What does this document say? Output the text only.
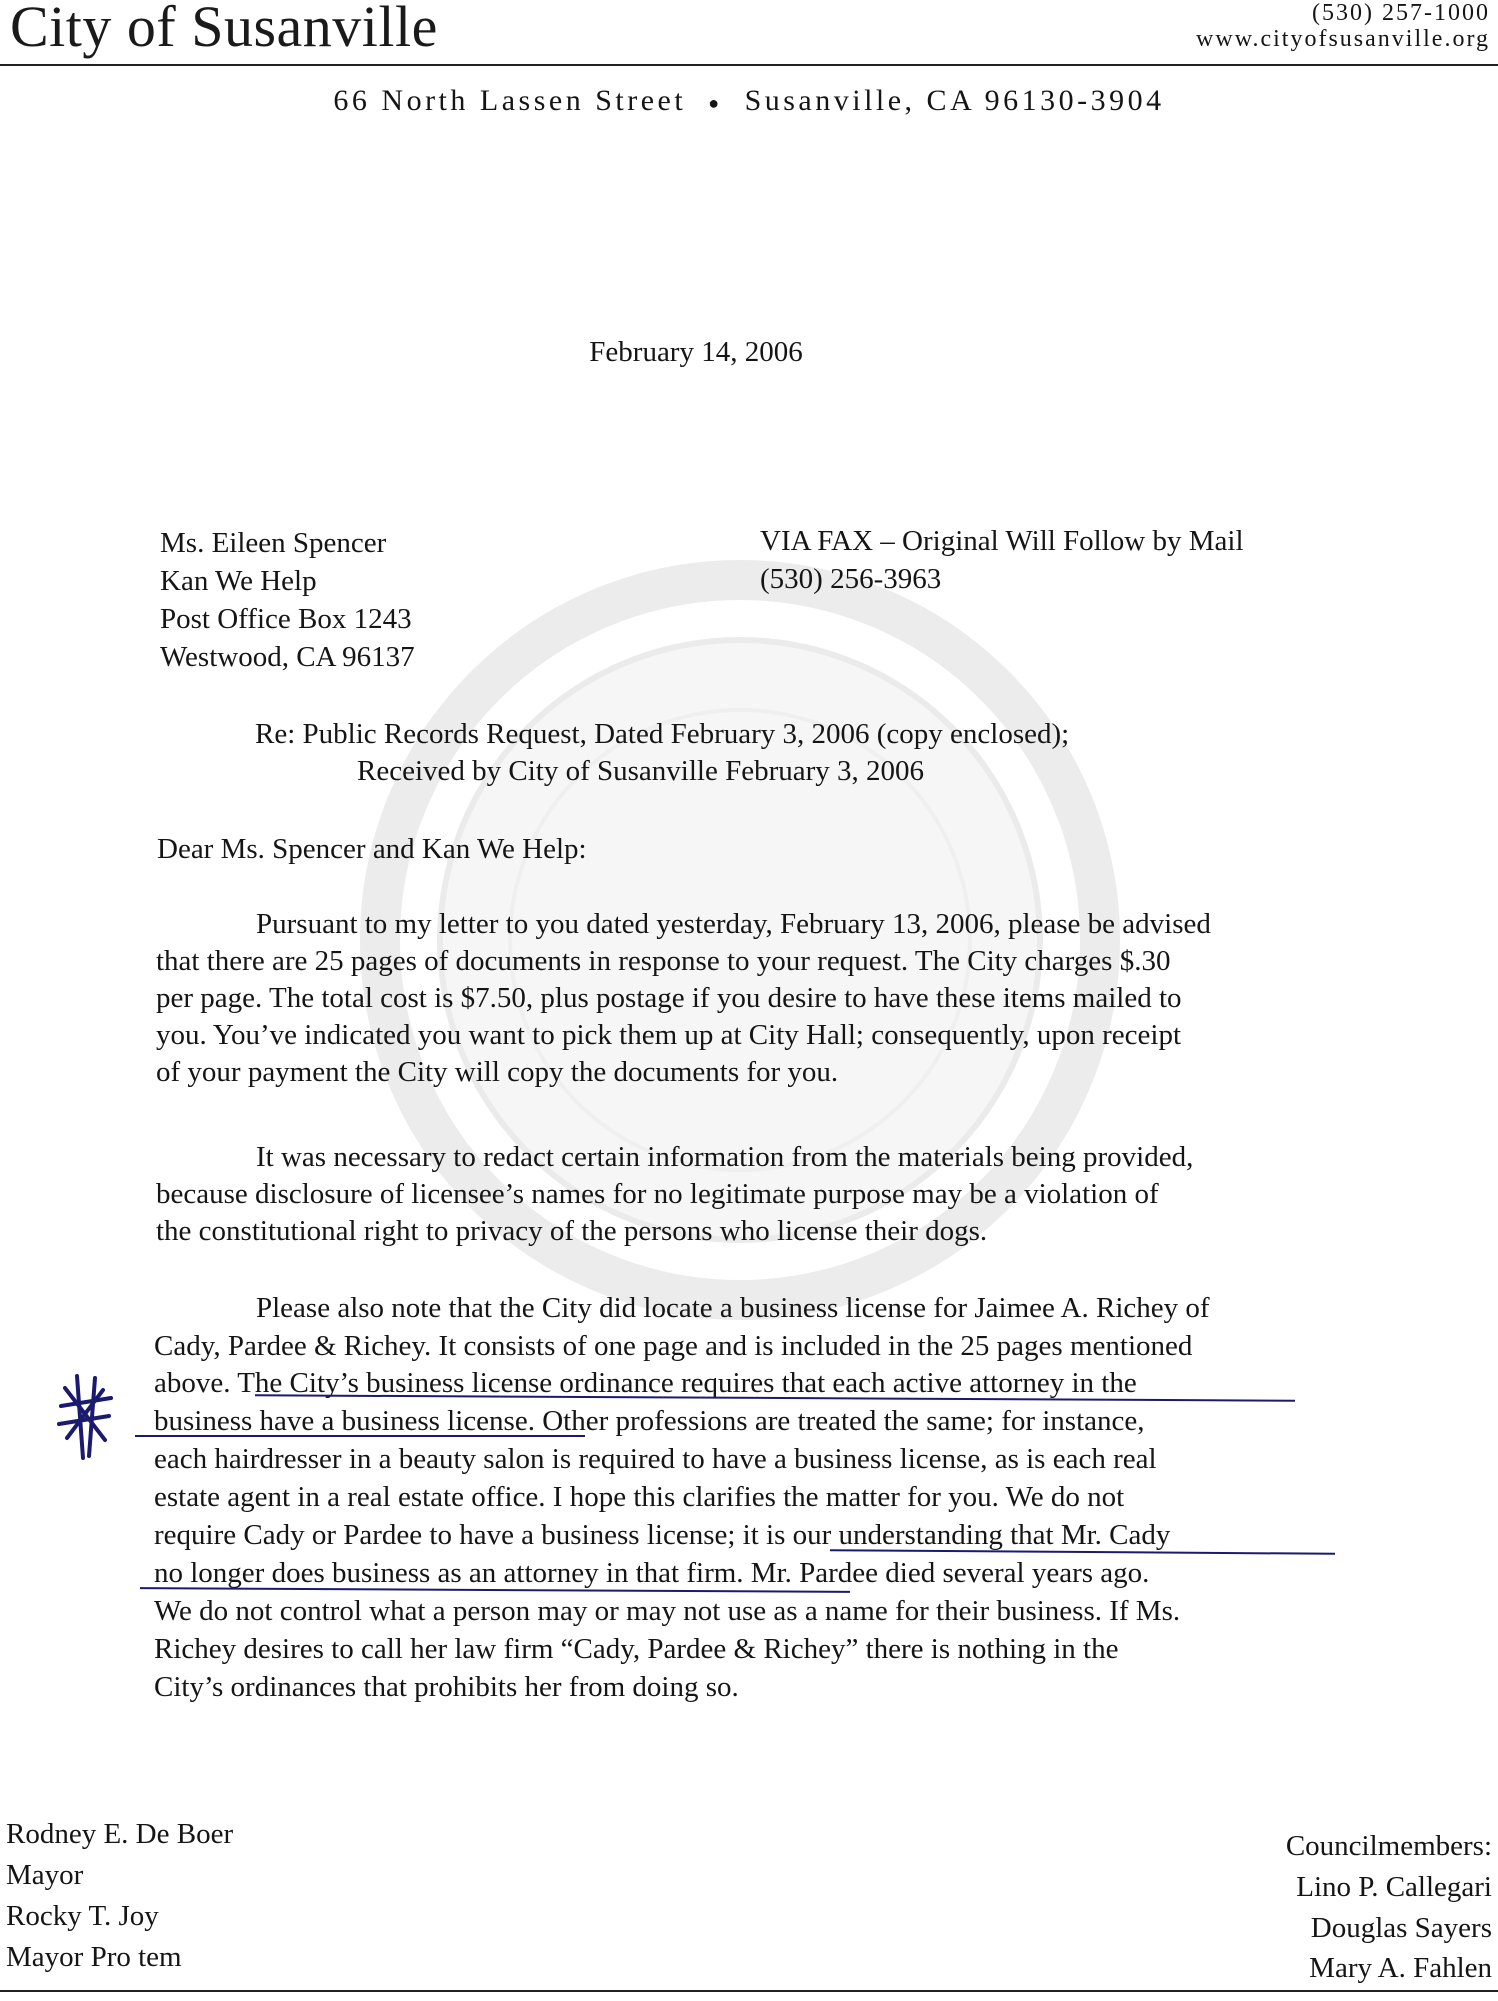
City of Susanville	(530) 257-1000
www.cityofsusanville.org
66 North Lassen Street ● Susanville, CA 96130-3904
February 14, 2006
Ms. Eileen Spencer
Kan We Help
Post Office Box 1243
Westwood, CA 96137
VIA FAX – Original Will Follow by Mail
(530) 256-3963
Re: Public Records Request, Dated February 3, 2006 (copy enclosed);
Received by City of Susanville February 3, 2006
Dear Ms. Spencer and Kan We Help:
Pursuant to my letter to you dated yesterday, February 13, 2006, please be advised
that there are 25 pages of documents in response to your request. The City charges $.30
per page. The total cost is $7.50, plus postage if you desire to have these items mailed to
you. You’ve indicated you want to pick them up at City Hall; consequently, upon receipt
of your payment the City will copy the documents for you.
It was necessary to redact certain information from the materials being provided,
because disclosure of licensee’s names for no legitimate purpose may be a violation of
the constitutional right to privacy of the persons who license their dogs.
Please also note that the City did locate a business license for Jaimee A. Richey of
Cady, Pardee & Richey. It consists of one page and is included in the 25 pages mentioned
above. The City’s business license ordinance requires that each active attorney in the
business have a business license. Other professions are treated the same; for instance,
each hairdresser in a beauty salon is required to have a business license, as is each real
estate agent in a real estate office. I hope this clarifies the matter for you. We do not
require Cady or Pardee to have a business license; it is our understanding that Mr. Cady
no longer does business as an attorney in that firm. Mr. Pardee died several years ago.
We do not control what a person may or may not use as a name for their business. If Ms.
Richey desires to call her law firm “Cady, Pardee & Richey” there is nothing in the
City’s ordinances that prohibits her from doing so.
Rodney E. De Boer
Mayor
Rocky T. Joy
Mayor Pro tem
Councilmembers:
Lino P. Callegari
Douglas Sayers
Mary A. Fahlen
